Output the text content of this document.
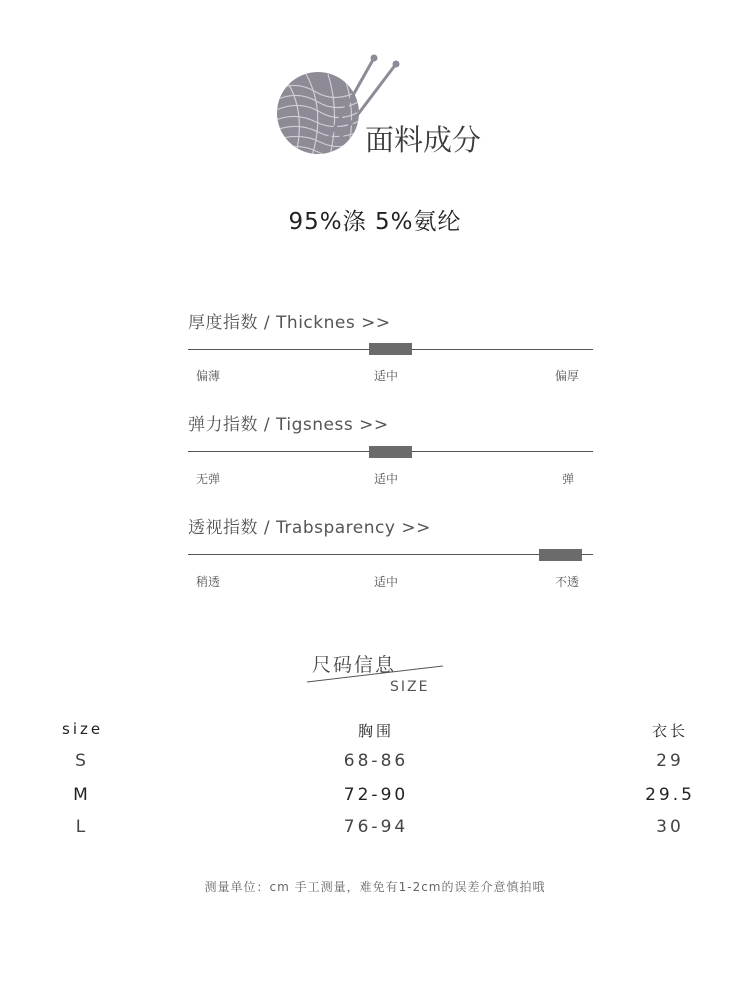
面料成分
95%涤 5%氨纶
厚度指数 / Thicknes >>
偏薄	适中	偏厚
弹力指数 / Tigsness >>
无弹	适中	弹
透视指数 / Trabsparency >>
稍透	适中	不透
尺码信息
SIZE
size	胸围	衣长
S	68-86	29
M	72-90	29.5
L	76-94	30
测量单位：cm 手工测量，难免有1-2cm的误差介意慎拍哦
